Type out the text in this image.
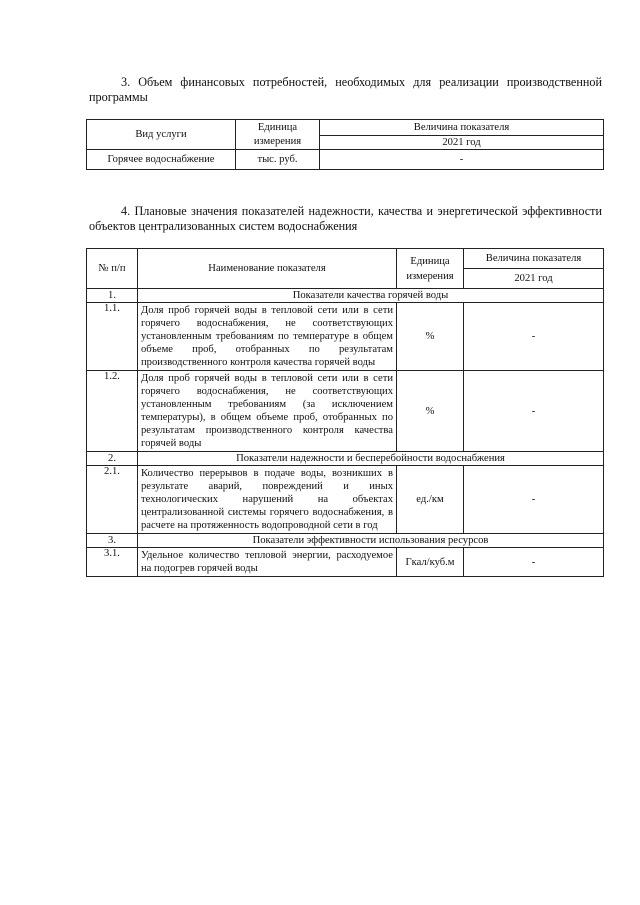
3. Объем финансовых потребностей, необходимых для реализации производственной программы
Вид услуги	Единица измерения	Величина показателя
		2021 год
Горячее водоснабжение	тыс. руб.	-
4. Плановые значения показателей надежности, качества и энергетической эффективности объектов централизованных систем водоснабжения
№ п/п	Наименование показателя	Единица измерения	Величина показателя
			2021 год
1.	Показатели качества горячей воды		
1.1.	Доля проб горячей воды в тепловой сети или в сети горячего водоснабжения, не соответствующих установленным требованиям по температуре в общем объеме проб, отобранных по результатам производственного контроля качества горячей воды	%	-
1.2.	Доля проб горячей воды в тепловой сети или в сети горячего водоснабжения, не соответствующих установленным требованиям (за исключением температуры), в общем объеме проб, отобранных по результатам производственного контроля качества горячей воды	%	-
2.	Показатели надежности и бесперебойности водоснабжения		
2.1.	Количество перерывов в подаче воды, возникших в результате аварий, повреждений и иных технологических нарушений на объектах централизованной системы горячего водоснабжения, в расчете на протяженность водопроводной сети в год	ед./км	-
3.	Показатели эффективности использования ресурсов		
3.1.	Удельное количество тепловой энергии, расходуемое на подогрев горячей воды	Гкал/куб.м	-
